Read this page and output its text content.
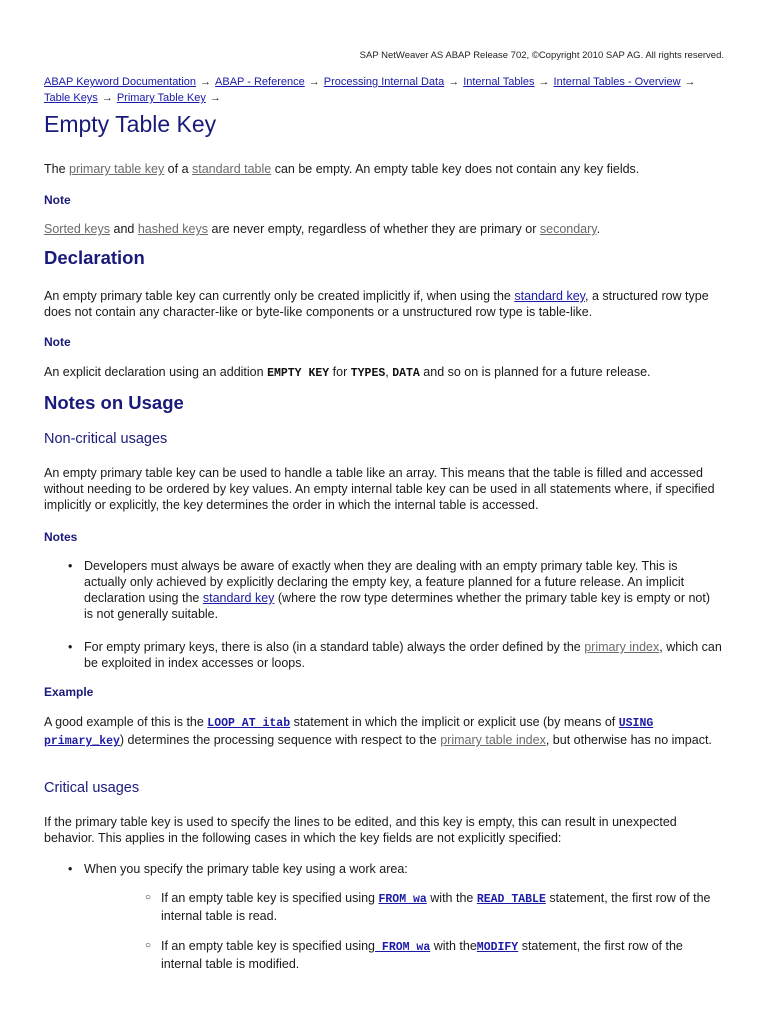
SAP NetWeaver AS ABAP Release 702, ©Copyright 2010 SAP AG. All rights reserved.
ABAP Keyword Documentation → ABAP - Reference → Processing Internal Data → Internal Tables → Internal Tables - Overview →
Table Keys → Primary Table Key →
Empty Table Key

The primary table key of a standard table can be empty. An empty table key does not contain any key fields.

Note

Sorted keys and hashed keys are never empty, regardless of whether they are primary or secondary.

Declaration

An empty primary table key can currently only be created implicitly if, when using the standard key, a structured row type does not contain any character-like or byte-like components or a unstructured row type is table-like.

Note

An explicit declaration using an addition EMPTY KEY for TYPES, DATA and so on is planned for a future release.

Notes on Usage
Non-critical usages

An empty primary table key can be used to handle a table like an array. This means that the table is filled and accessed without needing to be ordered by key values. An empty internal table key can be used in all statements where, if specified implicitly or explicitly, the key determines the order in which the internal table is accessed.

Notes
• Developers must always be aware of exactly when they are dealing with an empty primary table key. This is actually only achieved by explicitly declaring the empty key, a feature planned for a future release. An implicit declaration using the standard key (where the row type determines whether the primary table key is empty or not) is not generally suitable.
• For empty primary keys, there is also (in a standard table) always the order defined by the primary index, which can be exploited in index accesses or loops.
Example

A good example of this is the LOOP AT itab statement in which the implicit or explicit use (by means of USING primary_key) determines the processing sequence with respect to the primary table index, but otherwise has no impact.

Critical usages

If the primary table key is used to specify the lines to be edited, and this key is empty, this can result in unexpected behavior. This applies in the following cases in which the key fields are not explicitly specified:

• When you specify the primary table key using a work area:
○ If an empty table key is specified using FROM wa with the READ TABLE statement, the first row of the internal table is read.
○ If an empty table key is specified using FROM wa with theMODIFY statement, the first row of the internal table is modified.
